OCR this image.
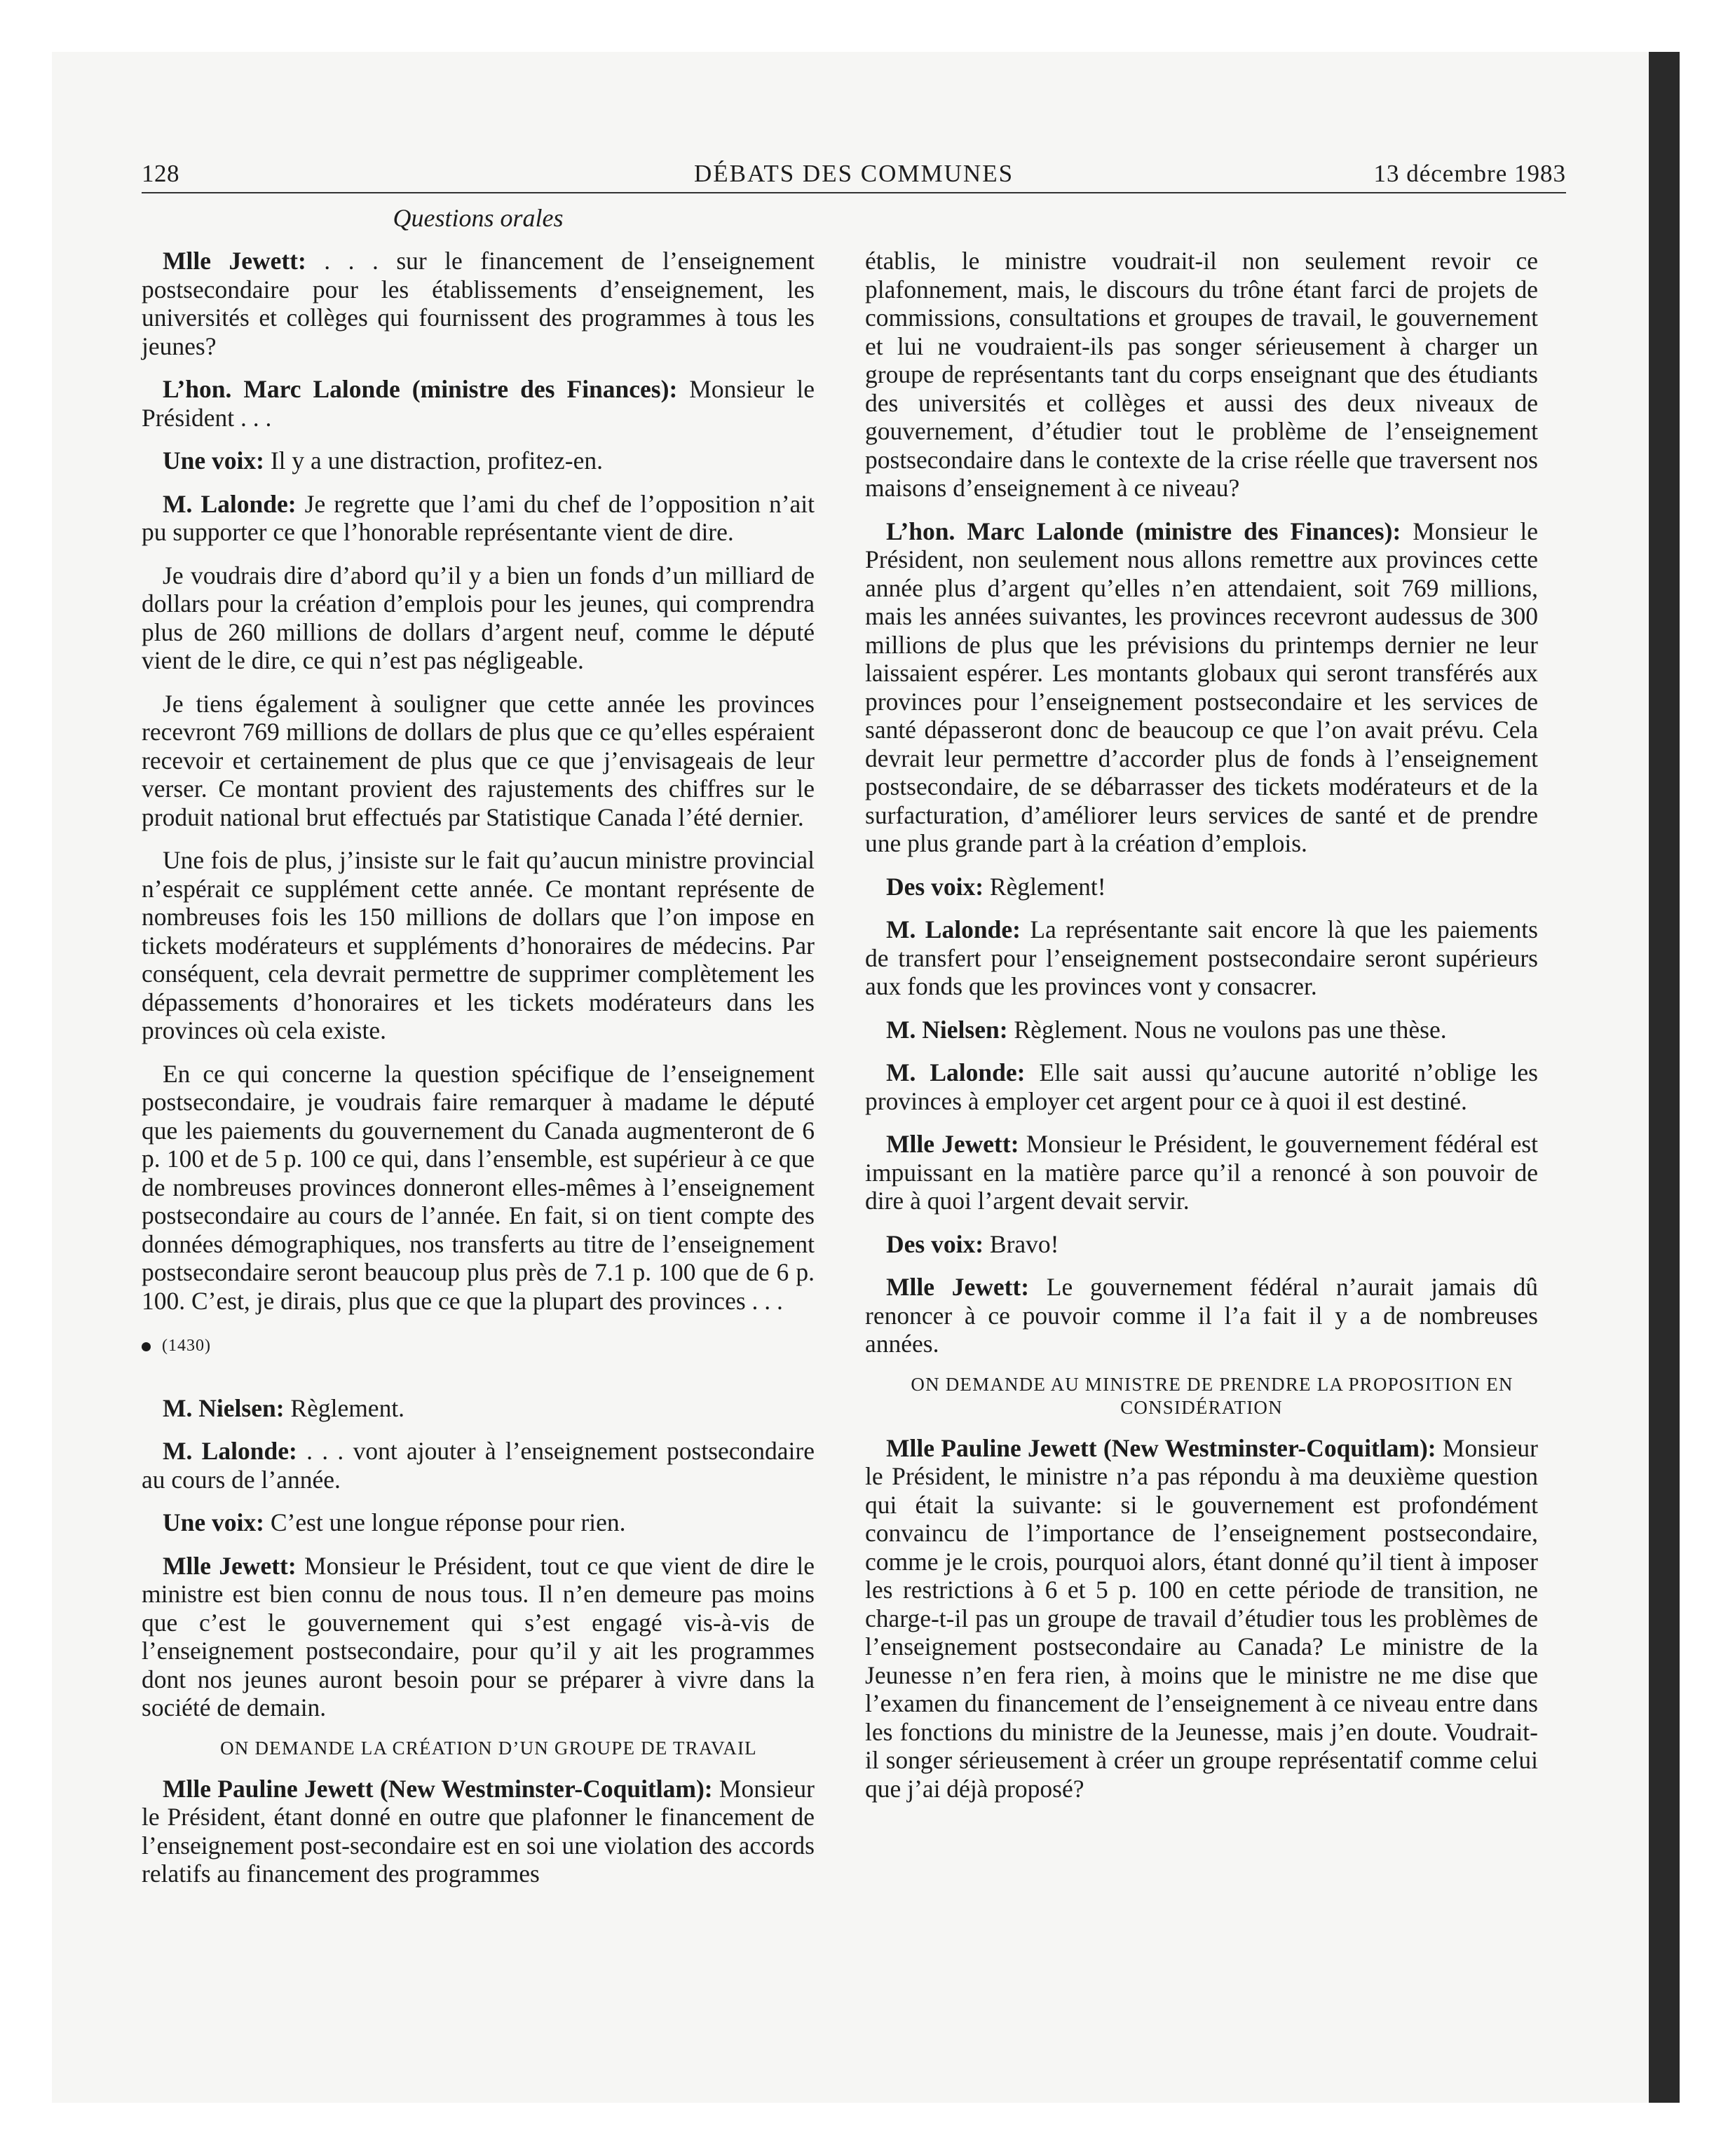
128	DÉBATS DES COMMUNES	13 décembre 1983
Questions orales

Mlle Jewett: . . . sur le financement de l’enseignement postsecondaire pour les établissements d’enseignement, les universités et collèges qui fournissent des programmes à tous les jeunes?

L’hon. Marc Lalonde (ministre des Finances): Monsieur le Président . . .

Une voix: Il y a une distraction, profitez-en.

M. Lalonde: Je regrette que l’ami du chef de l’opposition n’ait pu supporter ce que l’honorable représentante vient de dire.

Je voudrais dire d’abord qu’il y a bien un fonds d’un milliard de dollars pour la création d’emplois pour les jeunes, qui comprendra plus de 260 millions de dollars d’argent neuf, comme le député vient de le dire, ce qui n’est pas négligeable.

Je tiens également à souligner que cette année les provinces recevront 769 millions de dollars de plus que ce qu’elles espéraient recevoir et certainement de plus que ce que j’envisageais de leur verser. Ce montant provient des rajustements des chiffres sur le produit national brut effectués par Statistique Canada l’été dernier.

Une fois de plus, j’insiste sur le fait qu’aucun ministre provincial n’espérait ce supplément cette année. Ce montant représente de nombreuses fois les 150 millions de dollars que l’on impose en tickets modérateurs et suppléments d’honoraires de médecins. Par conséquent, cela devrait permettre de supprimer complètement les dépassements d’honoraires et les tickets modérateurs dans les provinces où cela existe.

En ce qui concerne la question spécifique de l’enseignement postsecondaire, je voudrais faire remarquer à madame le député que les paiements du gouvernement du Canada augmenteront de 6 p. 100 et de 5 p. 100 ce qui, dans l’ensemble, est supérieur à ce que de nombreuses provinces donneront elles-mêmes à l’enseignement postsecondaire au cours de l’année. En fait, si on tient compte des données démographiques, nos transferts au titre de l’enseignement postsecondaire seront beaucoup plus près de 7.1 p. 100 que de 6 p. 100. C’est, je dirais, plus que ce que la plupart des provinces . . .

(1430)

M. Nielsen: Règlement.

M. Lalonde: . . . vont ajouter à l’enseignement postsecondaire au cours de l’année.

Une voix: C’est une longue réponse pour rien.

Mlle Jewett: Monsieur le Président, tout ce que vient de dire le ministre est bien connu de nous tous. Il n’en demeure pas moins que c’est le gouvernement qui s’est engagé vis-à-vis de l’enseignement postsecondaire, pour qu’il y ait les programmes dont nos jeunes auront besoin pour se préparer à vivre dans la société de demain.

ON DEMANDE LA CRÉATION D’UN GROUPE DE TRAVAIL

Mlle Pauline Jewett (New Westminster-Coquitlam): Monsieur le Président, étant donné en outre que plafonner le financement de l’enseignement post-secondaire est en soi une violation des accords relatifs au financement des programmes

établis, le ministre voudrait-il non seulement revoir ce plafonnement, mais, le discours du trône étant farci de projets de commissions, consultations et groupes de travail, le gouvernement et lui ne voudraient-ils pas songer sérieusement à charger un groupe de représentants tant du corps enseignant que des étudiants des universités et collèges et aussi des deux niveaux de gouvernement, d’étudier tout le problème de l’enseignement postsecondaire dans le contexte de la crise réelle que traversent nos maisons d’enseignement à ce niveau?

L’hon. Marc Lalonde (ministre des Finances): Monsieur le Président, non seulement nous allons remettre aux provinces cette année plus d’argent qu’elles n’en attendaient, soit 769 millions, mais les années suivantes, les provinces recevront audessus de 300 millions de plus que les prévisions du printemps dernier ne leur laissaient espérer. Les montants globaux qui seront transférés aux provinces pour l’enseignement postsecondaire et les services de santé dépasseront donc de beaucoup ce que l’on avait prévu. Cela devrait leur permettre d’accorder plus de fonds à l’enseignement postsecondaire, de se débarrasser des tickets modérateurs et de la surfacturation, d’améliorer leurs services de santé et de prendre une plus grande part à la création d’emplois.

Des voix: Règlement!

M. Lalonde: La représentante sait encore là que les paiements de transfert pour l’enseignement postsecondaire seront supérieurs aux fonds que les provinces vont y consacrer.

M. Nielsen: Règlement. Nous ne voulons pas une thèse.

M. Lalonde: Elle sait aussi qu’aucune autorité n’oblige les provinces à employer cet argent pour ce à quoi il est destiné.

Mlle Jewett: Monsieur le Président, le gouvernement fédéral est impuissant en la matière parce qu’il a renoncé à son pouvoir de dire à quoi l’argent devait servir.

Des voix: Bravo!

Mlle Jewett: Le gouvernement fédéral n’aurait jamais dû renoncer à ce pouvoir comme il l’a fait il y a de nombreuses années.

ON DEMANDE AU MINISTRE DE PRENDRE LA PROPOSITION EN CONSIDÉRATION

Mlle Pauline Jewett (New Westminster-Coquitlam): Monsieur le Président, le ministre n’a pas répondu à ma deuxième question qui était la suivante: si le gouvernement est profondément convaincu de l’importance de l’enseignement postsecondaire, comme je le crois, pourquoi alors, étant donné qu’il tient à imposer les restrictions à 6 et 5 p. 100 en cette période de transition, ne charge-t-il pas un groupe de travail d’étudier tous les problèmes de l’enseignement postsecondaire au Canada? Le ministre de la Jeunesse n’en fera rien, à moins que le ministre ne me dise que l’examen du financement de l’enseignement à ce niveau entre dans les fonctions du ministre de la Jeunesse, mais j’en doute. Voudrait-il songer sérieusement à créer un groupe représentatif comme celui que j’ai déjà proposé?
